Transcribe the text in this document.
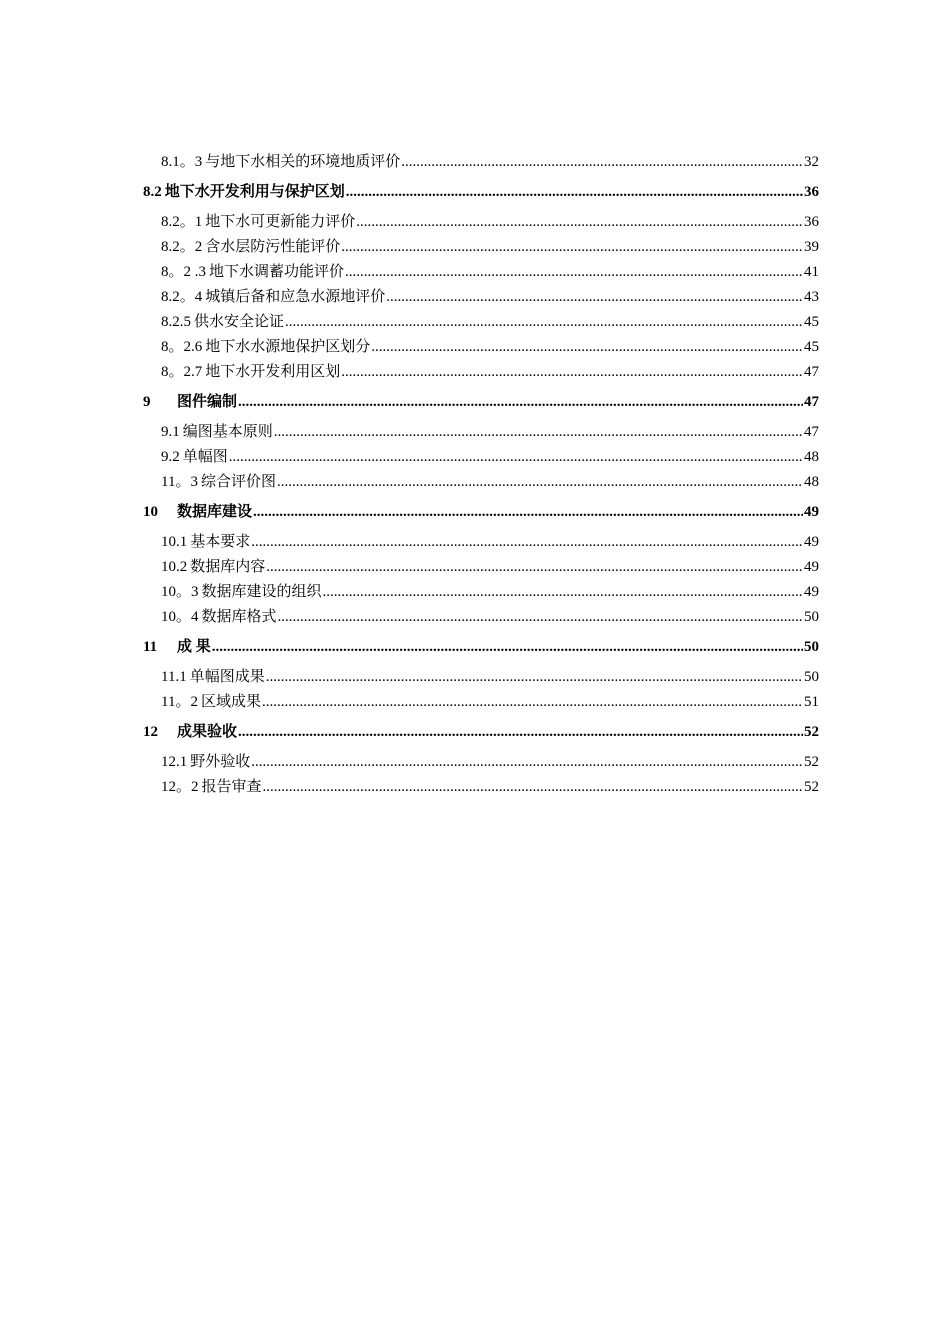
8.1。3 与地下水相关的环境地质评价 .....	32
8.2 地下水开发利用与保护区划 .....	36
8.2。1 地下水可更新能力评价 .....	36
8.2。2 含水层防污性能评价 .....	39
8。2 .3 地下水调蓄功能评价 .....	41
8.2。4 城镇后备和应急水源地评价 .....	43
8.2.5 供水安全论证 .....	45
8。2.6 地下水水源地保护区划分 .....	45
8。2.7 地下水开发利用区划 .....	47
9	图件编制 .....	47
9.1 编图基本原则 .....	47
9.2 单幅图 .....	48
11。3 综合评价图 .....	48
10	数据库建设 .....	49
10.1 基本要求 .....	49
10.2 数据库内容 .....	49
10。3 数据库建设的组织 .....	49
10。4 数据库格式 .....	50
11	成 果 .....	50
11.1 单幅图成果 .....	50
11。2 区域成果 .....	51
12	成果验收 .....	52
12.1 野外验收 .....	52
12。2 报告审查 .....	52
